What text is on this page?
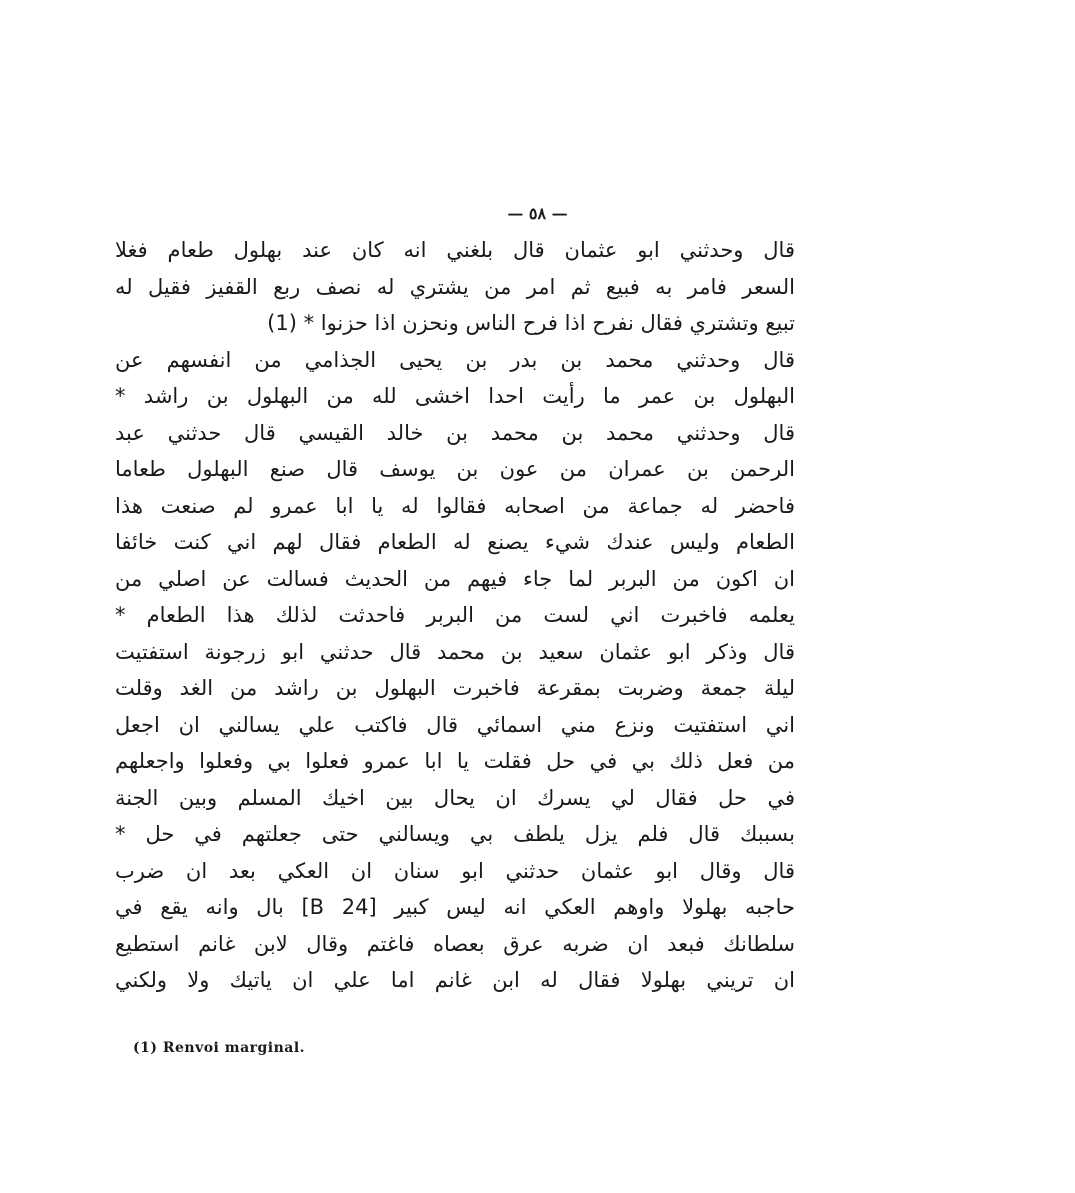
— ٥٨ —
قال وحدثني ابو عثمان قال بلغني انه كان عند بهلول طعام فغلا
السعر فامر به فبيع ثم امر من يشتري له نصف ربع القفيز فقيل له
تبيع وتشتري فقال نفرح اذا فرح الناس ونحزن اذا حزنوا * (1)
قال وحدثني محمد بن بدر بن يحيى الجذامي من انفسهم عن
البهلول بن عمر ما رأيت احدا اخشى لله من البهلول بن راشد *
قال وحدثني محمد بن محمد بن خالد القيسي قال حدثني عبد
الرحمن بن عمران من عون بن يوسف قال صنع البهلول طعاما
فاحضر له جماعة من اصحابه فقالوا له يا ابا عمرو لم صنعت هذا
الطعام وليس عندك شيء يصنع له الطعام فقال لهم اني كنت خائفا
ان اكون من البربر لما جاء فيهم من الحديث فسالت عن اصلي من
يعلمه فاخبرت اني لست من البربر فاحدثت لذلك هذا الطعام *
قال وذكر ابو عثمان سعيد بن محمد قال حدثني ابو زرجونة استفتيت
ليلة جمعة وضربت بمقرعة فاخبرت البهلول بن راشد من الغد وقلت
اني استفتيت ونزع مني اسمائي قال فاكتب علي يسالني ان اجعل
من فعل ذلك بي في حل فقلت يا ابا عمرو فعلوا بي وفعلوا واجعلهم
في حل فقال لي يسرك ان يحال بين اخيك المسلم وبين الجنة
بسببك قال فلم يزل يلطف بي ويسالني حتى جعلتهم في حل *
قال وقال ابو عثمان حدثني ابو سنان ان العكي بعد ان ضرب
حاجبه بهلولا واوهم العكي انه ليس كبير [24 B] بال وانه يقع في
سلطانك فبعد ان ضربه عرق بعصاه فاغتم وقال لابن غانم استطيع
ان تريني بهلولا فقال له ابن غانم اما علي ان ياتيك ولا ولكني
(1) Renvoi marginal.
